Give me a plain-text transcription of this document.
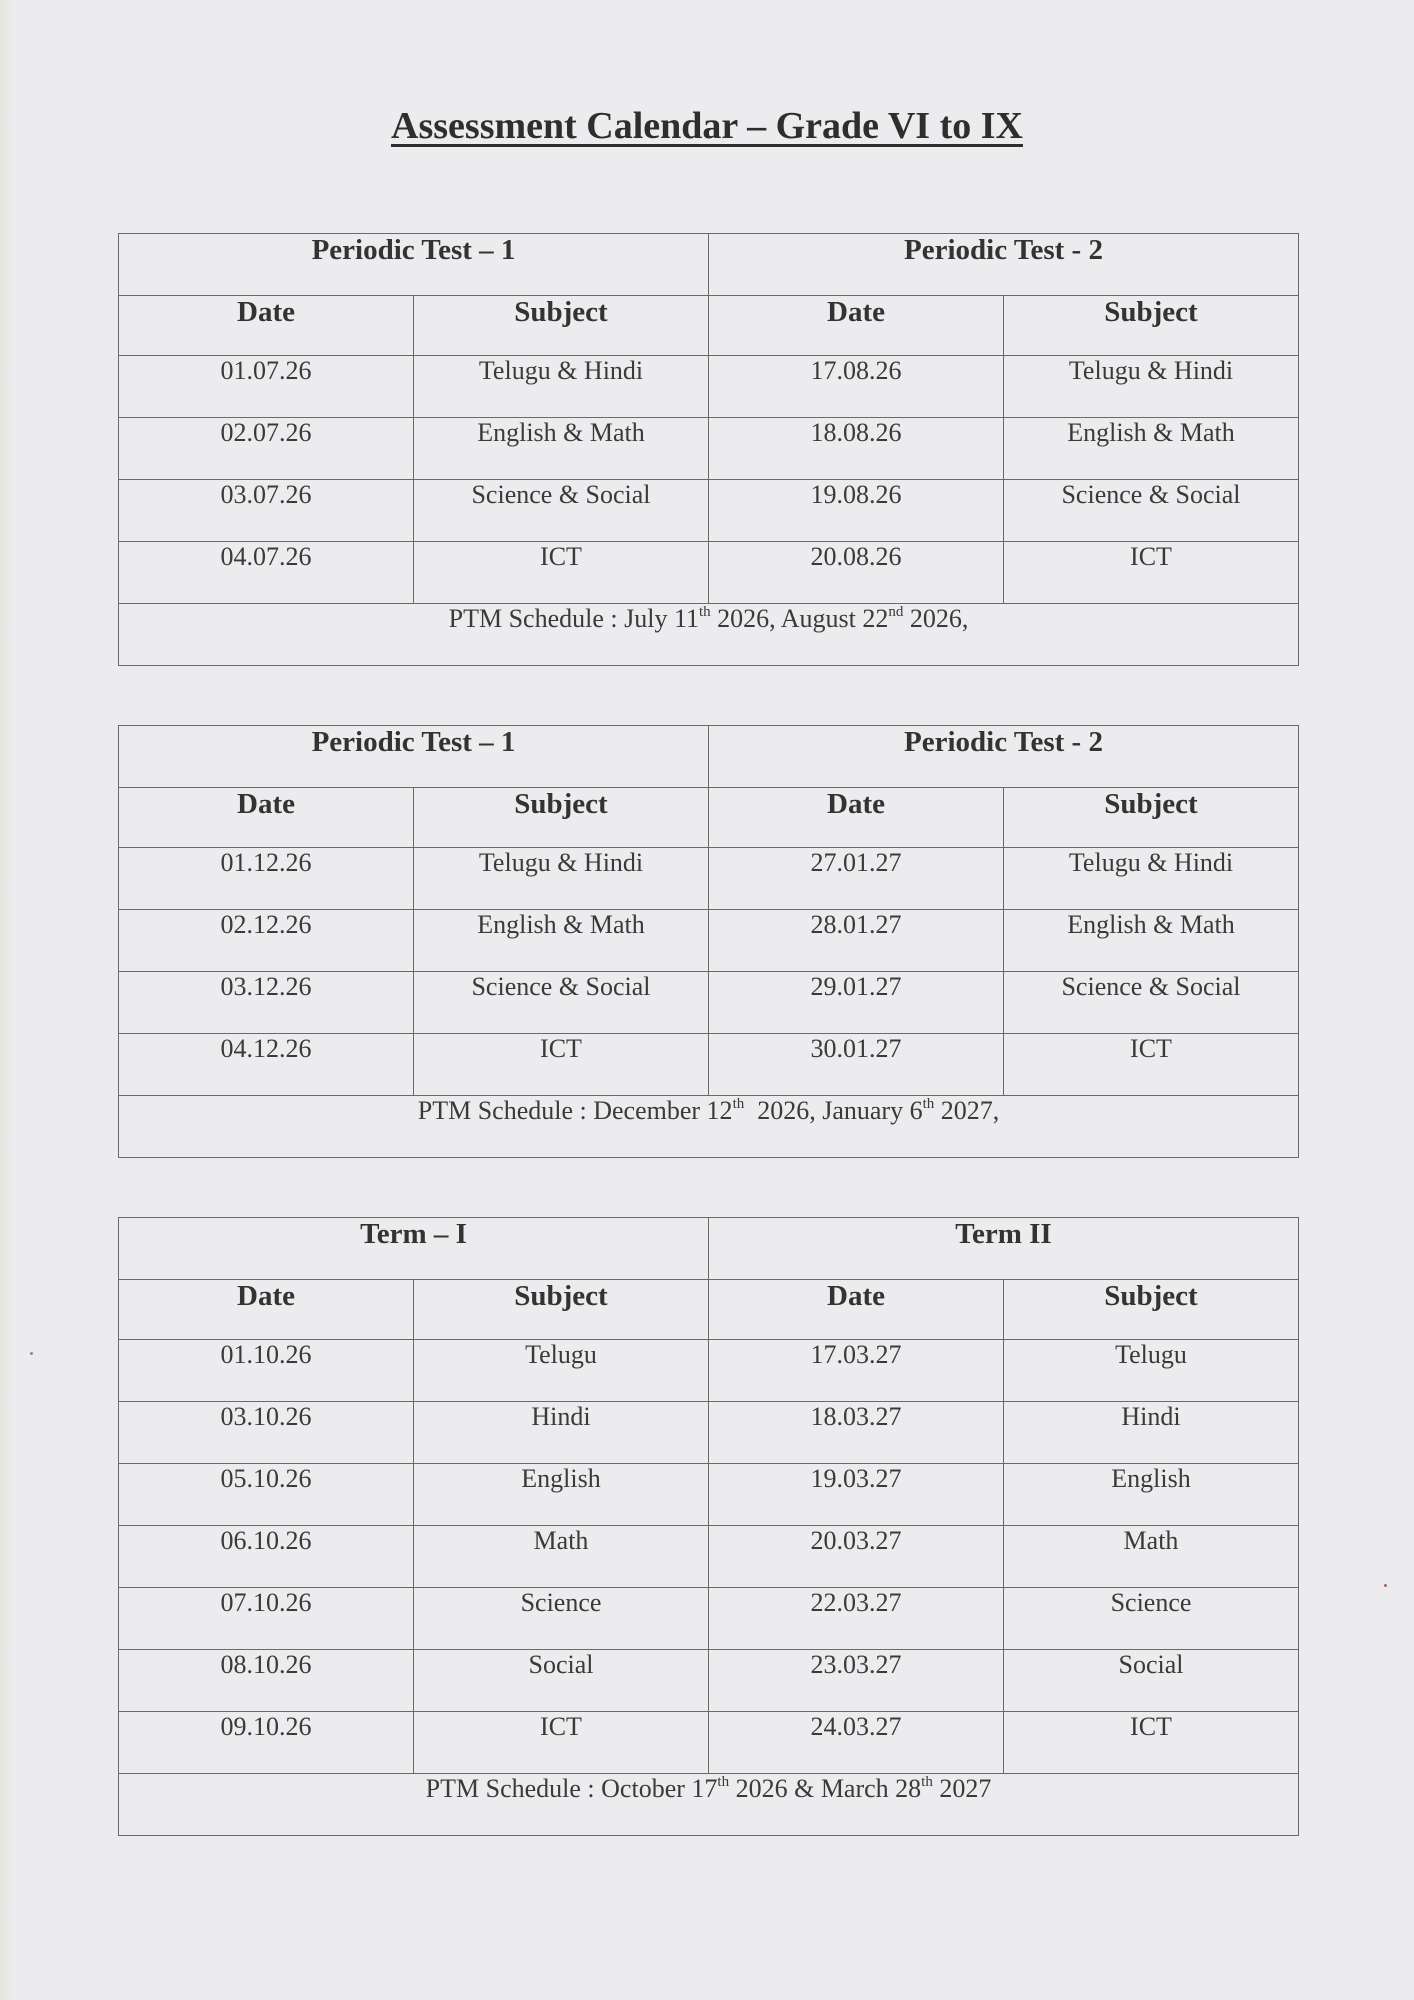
Assessment Calendar – Grade VI to IX
Periodic Test – 1		Periodic Test - 2	
Date	Subject	Date	Subject
01.07.26	Telugu & Hindi	17.08.26	Telugu & Hindi
02.07.26	English & Math	18.08.26	English & Math
03.07.26	Science & Social	19.08.26	Science & Social
04.07.26	ICT	20.08.26	ICT
PTM Schedule : July 11th 2026, August 22nd 2026,			
Periodic Test – 1		Periodic Test - 2	
Date	Subject	Date	Subject
01.12.26	Telugu & Hindi	27.01.27	Telugu & Hindi
02.12.26	English & Math	28.01.27	English & Math
03.12.26	Science & Social	29.01.27	Science & Social
04.12.26	ICT	30.01.27	ICT
PTM Schedule : December 12th  2026, January 6th 2027,			
Term – I		Term II	
Date	Subject	Date	Subject
01.10.26	Telugu	17.03.27	Telugu
03.10.26	Hindi	18.03.27	Hindi
05.10.26	English	19.03.27	English
06.10.26	Math	20.03.27	Math
07.10.26	Science	22.03.27	Science
08.10.26	Social	23.03.27	Social
09.10.26	ICT	24.03.27	ICT
PTM Schedule : October 17th 2026 & March 28th 2027			
